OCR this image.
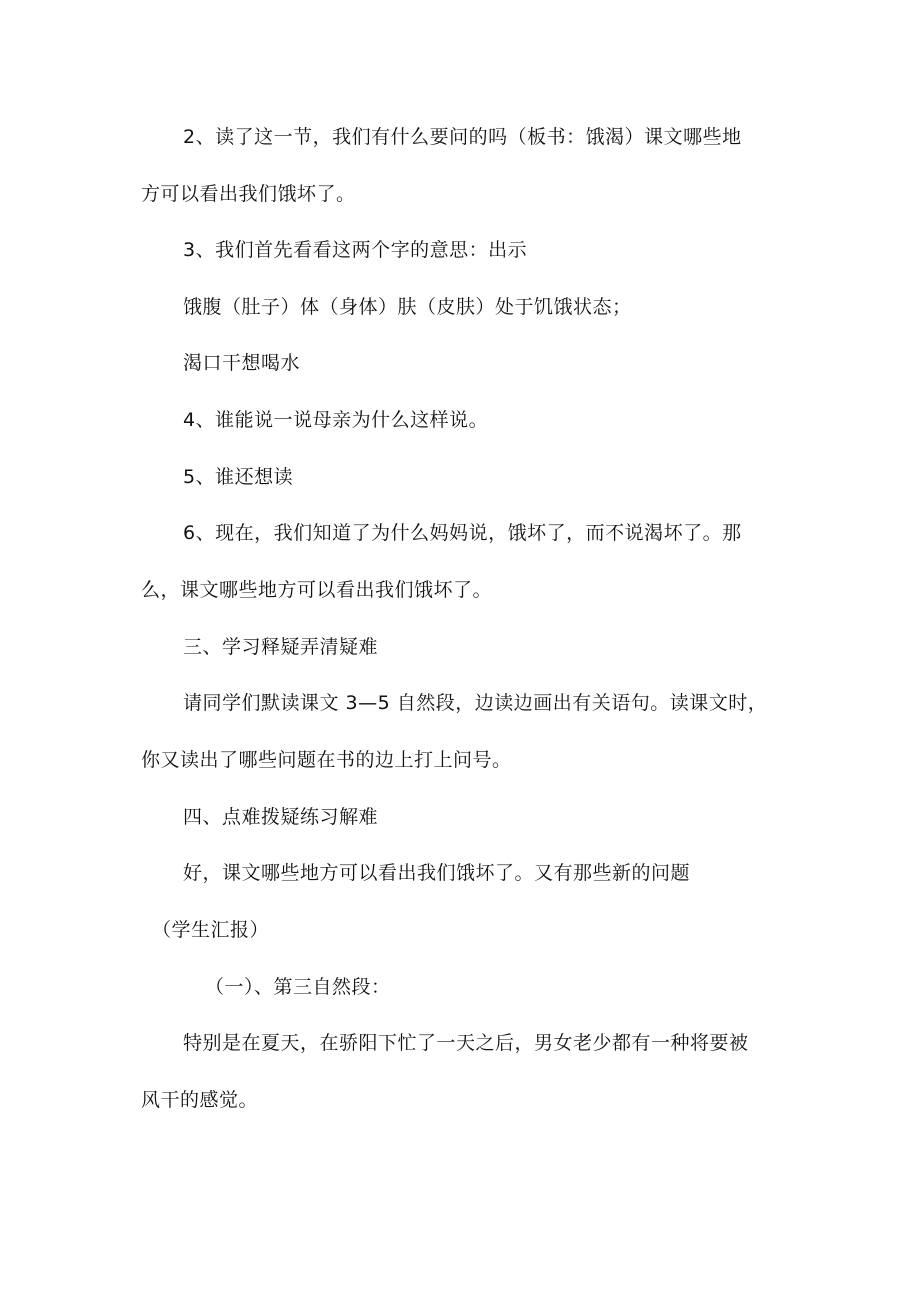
2、读了这一节，我们有什么要问的吗（板书：饿渴）课文哪些地
方可以看出我们饿坏了。
3、我们首先看看这两个字的意思：出示
饿腹（肚子）体（身体）肤（皮肤）处于饥饿状态；
渴口干想喝水
4、谁能说一说母亲为什么这样说。
5、谁还想读
6、现在，我们知道了为什么妈妈说，饿坏了，而不说渴坏了。那
么，课文哪些地方可以看出我们饿坏了。
三、学习释疑弄清疑难
请同学们默读课文 3—5 自然段，边读边画出有关语句。读课文时，
你又读出了哪些问题在书的边上打上问号。
四、点难拨疑练习解难
好，课文哪些地方可以看出我们饿坏了。又有那些新的问题
（学生汇报）
（一）、第三自然段：
特别是在夏天，在骄阳下忙了一天之后，男女老少都有一种将要被
风干的感觉。
